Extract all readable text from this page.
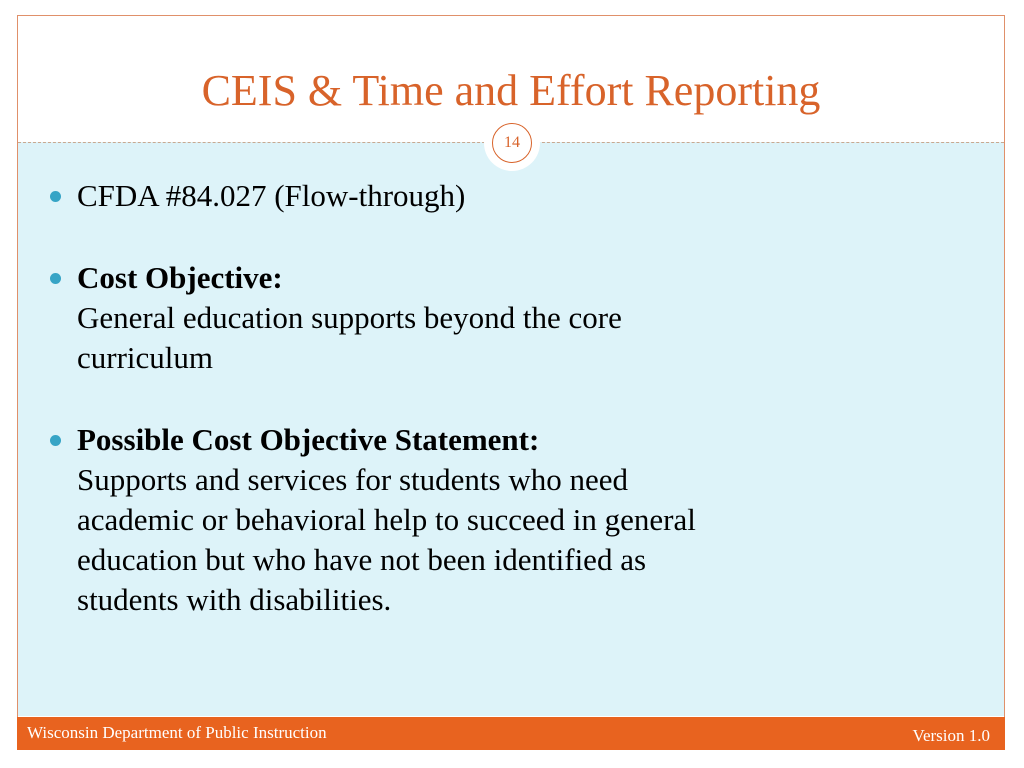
CEIS & Time and Effort Reporting
14
CFDA #84.027 (Flow-through)
Cost Objective:
General education supports beyond the core
curriculum
Possible Cost Objective Statement:
Supports and services for students who need
academic or behavioral help to succeed in general
education but who have not been identified as
students with disabilities.
Wisconsin Department of Public Instruction	Version 1.0
